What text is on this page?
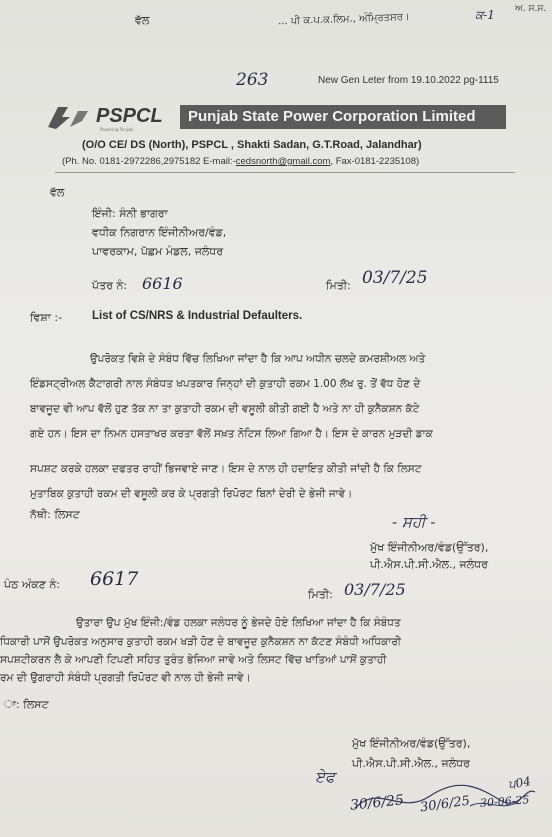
ਵੱਲ	... ਪੀ ਕ.ਪ.ਕ.ਲਿਮ., ਅੰਮ੍ਰਿਤਸਰ।	ਕ-1 ਅ. ਸ.ਸ.
263	New Gen Leter from 19.10.2022 pg-1115
PSPCL
Powering Punjab
Punjab State Power Corporation Limited
(O/O CE/ DS (North), PSPCL , Shakti Sadan, G.T.Road, Jalandhar)
(Ph. No. 0181-2972286,2975182 E-mail:-cedsnorth@gmail.com, Fax-0181-2235108)
ਵੱਲ
ਇੰਜੀ: ਸੰਨੀ ਭਾਗਰਾ
ਵਧੀਕ ਨਿਗਰਾਨ ਇੰਜੀਨੀਅਰ/ਵੰਡ,
ਪਾਵਰਕਾਮ, ਪੱਛਮ ਮੰਡਲ, ਜਲੰਧਰ
ਪੱਤਰ ਨੰ: 6616	ਮਿਤੀ: 03/7/25
ਵਿਸ਼ਾ :-	List of CS/NRS & Industrial Defaulters.
ਉਪਰੋਕਤ ਵਿਸ਼ੇ ਦੇ ਸੰਬੰਧ ਵਿੱਚ ਲਿਖਿਆ ਜਾਂਦਾ ਹੈ ਕਿ ਆਪ ਅਧੀਨ ਚਲਦੇ ਕਮਰਸ਼ੀਅਲ ਅਤੇ
ਇੰਡਸਟ੍ਰੀਅਲ ਕੈਟਾਗਰੀ ਨਾਲ ਸੰਬੰਧਤ ਖਪਤਕਾਰ ਜਿਨ੍ਹਾਂ ਦੀ ਕੁਤਾਹੀ ਰਕਮ 1.00 ਲੱਖ ਰੁ. ਤੋਂ ਵੱਧ ਹੋਣ ਦੇ
ਬਾਵਜੂਦ ਵੀ ਆਪ ਵੱਲੋਂ ਹੁਣ ਤੱਕ ਨਾ ਤਾ ਕੁਤਾਹੀ ਰਕਮ ਦੀ ਵਸੂਲੀ ਕੀਤੀ ਗਈ ਹੈ ਅਤੇ ਨਾ ਹੀ ਕੁਨੈਕਸ਼ਨ ਕੱਟੇ
ਗਏ ਹਨ। ਇਸ ਦਾ ਨਿਮਨ ਹਸਤਾਖਰ ਕਰਤਾ ਵੱਲੋਂ ਸਖ਼ਤ ਨੋਟਿਸ ਲਿਆ ਗਿਆ ਹੈ। ਇਸ ਦੇ ਕਾਰਨ ਮੁੜਦੀ ਡਾਕ
ਸਪਸ਼ਟ ਕਰਕੇ ਹਲਕਾ ਦਫਤਰ ਰਾਹੀਂ ਭਿਜਵਾਏ ਜਾਣ। ਇਸ ਦੇ ਨਾਲ ਹੀ ਹਦਾਇਤ ਕੀਤੀ ਜਾਂਦੀ ਹੈ ਕਿ ਲਿਸਟ
ਮੁਤਾਬਿਕ ਕੁਤਾਹੀ ਰਕਮ ਦੀ ਵਸੂਲੀ ਕਰ ਕੇ ਪ੍ਰਗਤੀ ਰਿਪੋਰਟ ਬਿਨਾਂ ਦੇਰੀ ਦੇ ਭੇਜੀ ਜਾਵੇ।
ਨੱਥੀ: ਲਿਸਟ	- ਸਹੀ -
ਮੁੱਖ ਇੰਜੀਨੀਅਰ/ਵੰਡ(ਉੱਤਰ),
ਪੀ.ਐਸ.ਪੀ.ਸੀ.ਐਲ., ਜਲੰਧਰ
ਪੰਠ ਅੰਕਣ ਨੰ: 6617
ਮਿਤੀ: 03/7/25
ਉਤਾਰਾ ਉਪ ਮੁੱਖ ਇੰਜੀ:/ਵੰਡ ਹਲਕਾ ਜਲੰਧਰ ਨੂੰ ਭੇਜਦੇ ਹੋਏ ਲਿਖਿਆ ਜਾਂਦਾ ਹੈ ਕਿ ਸੰਬੰਧਤ
ਧਿਕਾਰੀ ਪਾਸੋਂ ਉਪਰੋਕਤ ਅਨੁਸਾਰ ਕੁਤਾਹੀ ਰਕਮ ਖੜੀ ਹੋਣ ਦੇ ਬਾਵਜੂਦ ਕੁਨੈਕਸ਼ਨ ਨਾ ਕੱਟਣ ਸੰਬੰਧੀ ਅਧਿਕਾਰੀ
ਸਪਸ਼ਟੀਕਰਨ ਲੈ ਕੇ ਆਪਣੀ ਟਿਪਣੀ ਸਹਿਤ ਤੁਰੰਤ ਭੇਜਿਆ ਜਾਵੇ ਅਤੇ ਲਿਸਟ ਵਿੱਚ ਖਾਤਿਆਂ ਪਾਸੋਂ ਕੁਤਾਹੀ
ਰਮ ਦੀ ਉਗਰਾਹੀ ਸੰਬੰਧੀ ਪ੍ਰਗਤੀ ਰਿਪੋਰਟ ਵੀ ਨਾਲ ਹੀ ਭੇਜੀ ਜਾਵੇ।
ਾ: ਲਿਸਟ
ਮੁੱਖ ਇੰਜੀਨੀਅਰ/ਵੰਡ(ਉੱਤਰ),
ਪੀ.ਐਸ.ਪੀ.ਸੀ.ਐਲ., ਜਲੰਧਰ
ਏਫ
30/6/25 30/6/25 30-06-25
ਪ04
